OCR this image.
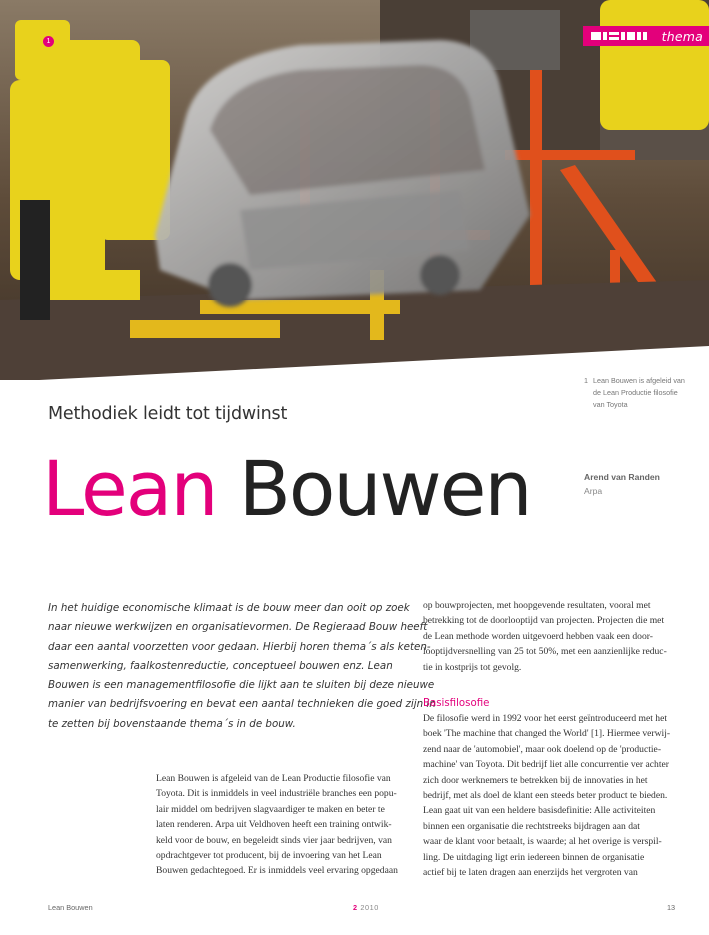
1	thema
1 Lean Bouwen is afgeleid van
de Lean Productie filosofie
van Toyota
Methodiek leidt tot tijdwinst
Lean Bouwen	Arend van Randen
Arpa
In het huidige economische klimaat is de bouw meer dan ooit op zoek
naar nieuwe werkwijzen en organisatievormen. De Regieraad Bouw heeft
daar een aantal voorzetten voor gedaan. Hierbij horen thema´s als keten-
samenwerking, faalkostenreductie, conceptueel bouwen enz. Lean
Bouwen is een managementfilosofie die lijkt aan te sluiten bij deze nieuwe
manier van bedrijfsvoering en bevat een aantal technieken die goed zijn in
te zetten bij bovenstaande thema´s in de bouw.
Lean Bouwen is afgeleid van de Lean Productie filosofie van
Toyota. Dit is inmiddels in veel industriële branches een popu-
lair middel om bedrijven slagvaardiger te maken en beter te
laten renderen. Arpa uit Veldhoven heeft een training ontwik-
keld voor de bouw, en begeleidt sinds vier jaar bedrijven, van
opdrachtgever tot producent, bij de invoering van het Lean
Bouwen gedachtegoed. Er is inmiddels veel ervaring opgedaan

op bouwprojecten, met hoopgevende resultaten, vooral met
betrekking tot de doorlooptijd van projecten. Projecten die met
de Lean methode worden uitgevoerd hebben vaak een door-
looptijdversnelling van 25 tot 50%, met een aanzienlijke reduc-
tie in kostprijs tot gevolg.

Basisfilosofie

De filosofie werd in 1992 voor het eerst geïntroduceerd met het
boek 'The machine that changed the World' [1]. Hiermee verwij-
zend naar de 'automobiel', maar ook doelend op de 'productie-
machine' van Toyota. Dit bedrijf liet alle concurrentie ver achter
zich door werknemers te betrekken bij de innovaties in het
bedrijf, met als doel de klant een steeds beter product te bieden.
Lean gaat uit van een heldere basisdefinitie: Alle activiteiten
binnen een organisatie die rechtstreeks bijdragen aan dat
waar de klant voor betaalt, is waarde; al het overige is verspil-
ling. De uitdaging ligt erin iedereen binnen de organisatie
actief bij te laten dragen aan enerzijds het vergroten van

Lean Bouwen	2 2010	13
